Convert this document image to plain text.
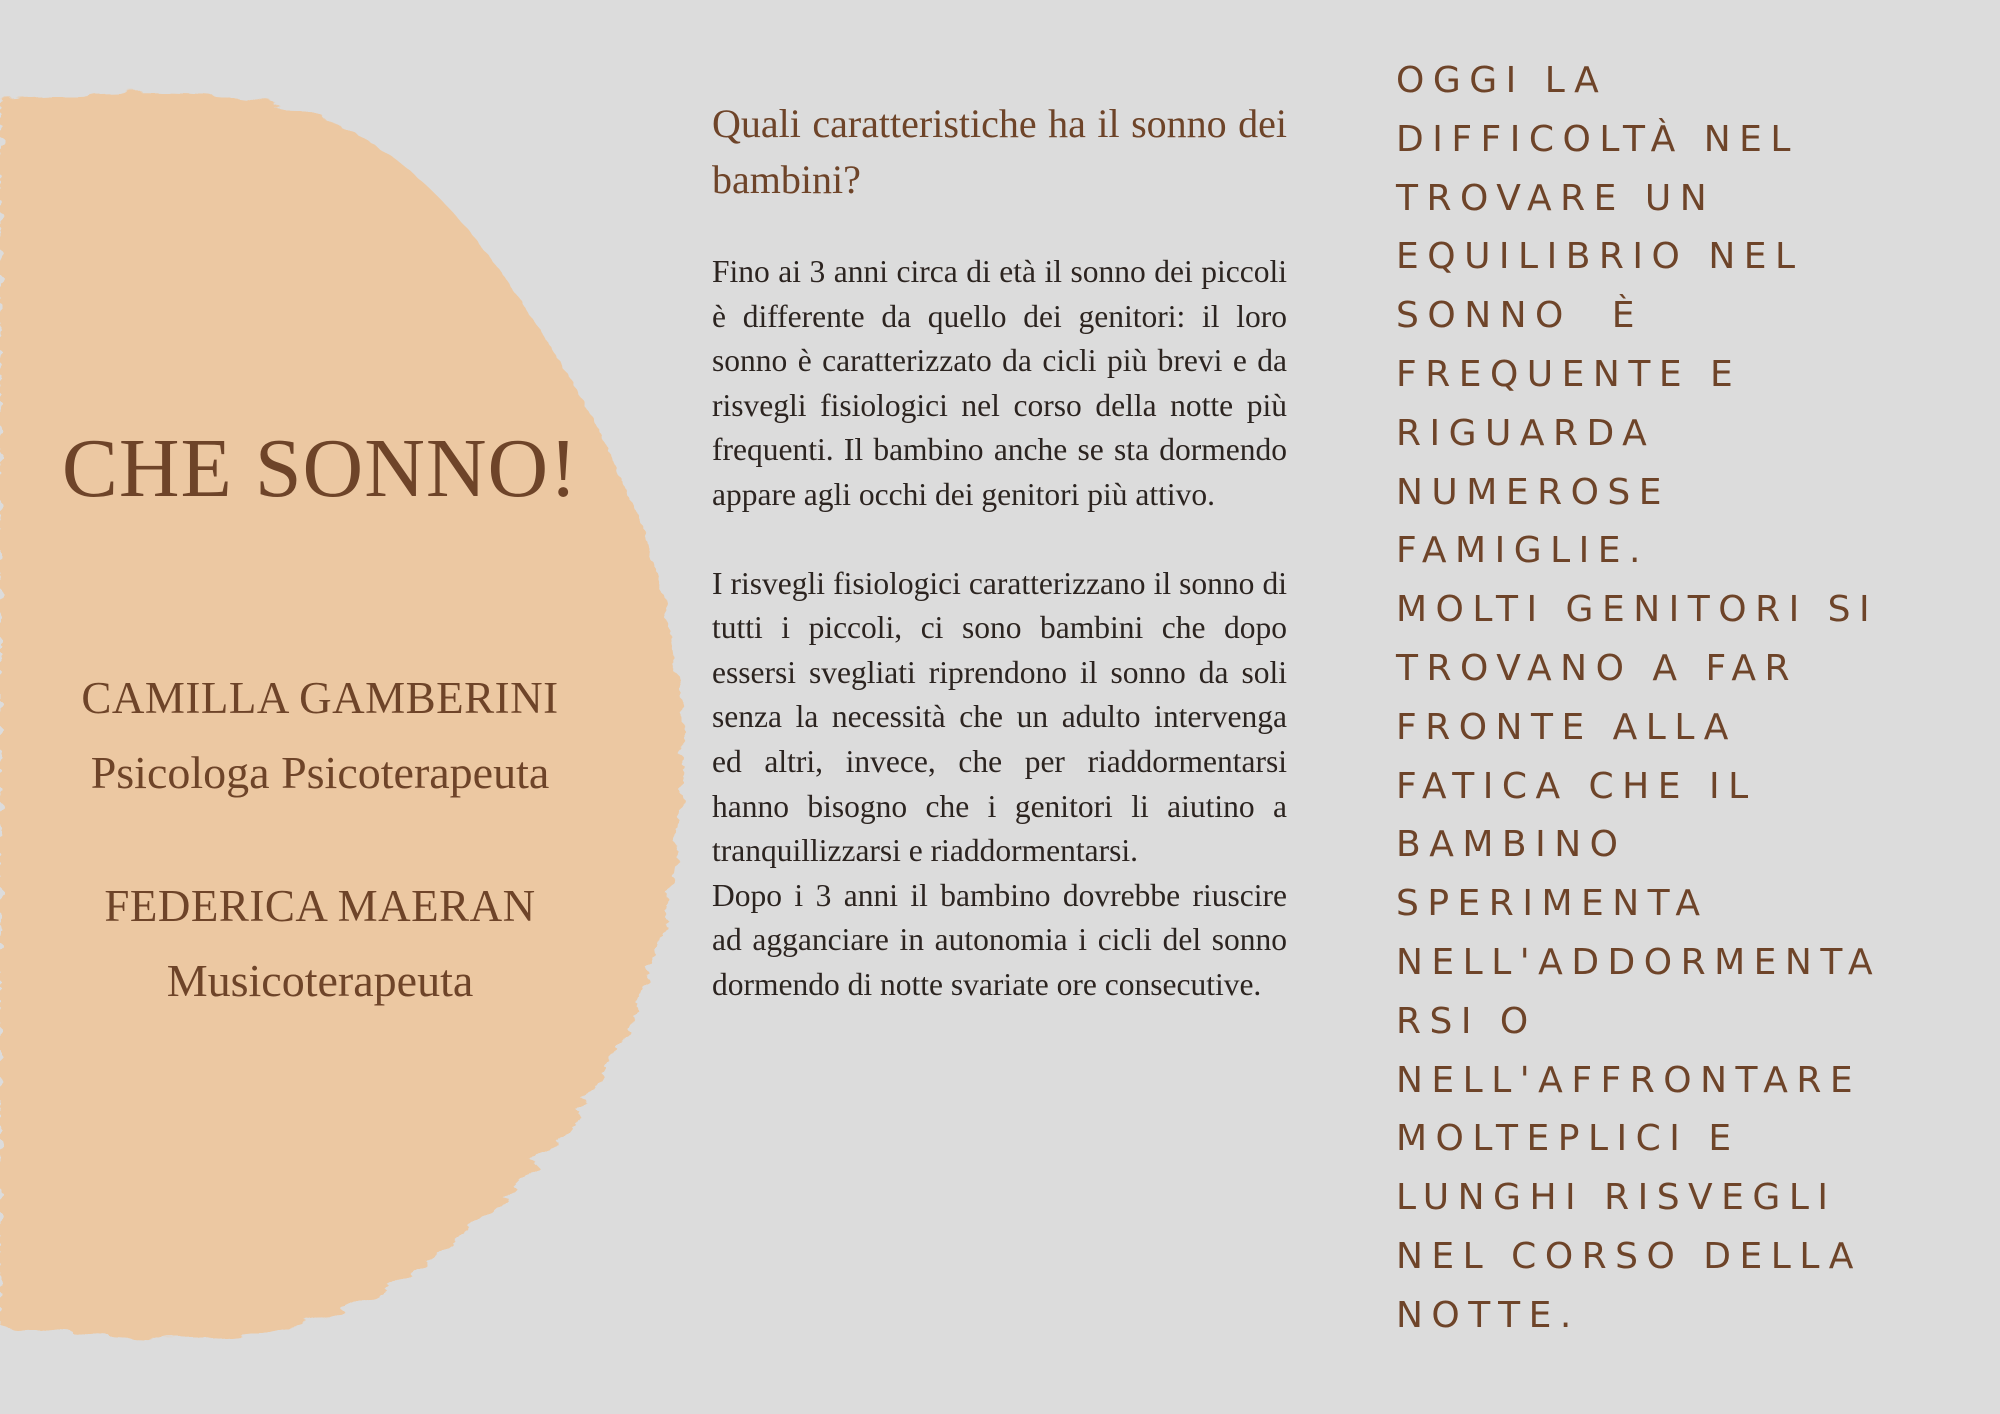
CHE SONNO!
CAMILLA GAMBERINI
Psicologa Psicoterapeuta
FEDERICA MAERAN
Musicoterapeuta
Quali caratteristiche ha il sonno dei bambini?

Fino ai 3 anni circa di età il sonno dei piccoli è differente da quello dei genitori: il loro sonno è caratterizzato da cicli più brevi e da risvegli fisiologici nel corso della notte più frequenti. Il bambino anche se sta dormendo appare agli occhi dei genitori più attivo.

I risvegli fisiologici caratterizzano il sonno di tutti i piccoli, ci sono bambini che dopo essersi svegliati riprendono il sonno da soli senza la necessità che un adulto intervenga ed altri, invece, che per riaddormentarsi hanno bisogno che i genitori li aiutino a tranquillizzarsi e riaddormentarsi.

Dopo i 3 anni il bambino dovrebbe riuscire ad agganciare in autonomia i cicli del sonno dormendo di notte svariate ore consecutive.

OGGI LA
DIFFICOLTÀ NEL
TROVARE UN
EQUILIBRIO NEL
SONNO  È
FREQUENTE E
RIGUARDA
NUMEROSE
FAMIGLIE.
MOLTI GENITORI SI
TROVANO A FAR
FRONTE ALLA
FATICA CHE IL
BAMBINO
SPERIMENTA
NELL'ADDORMENTA
RSI O
NELL'AFFRONTARE
MOLTEPLICI E
LUNGHI RISVEGLI
NEL CORSO DELLA
NOTTE.
